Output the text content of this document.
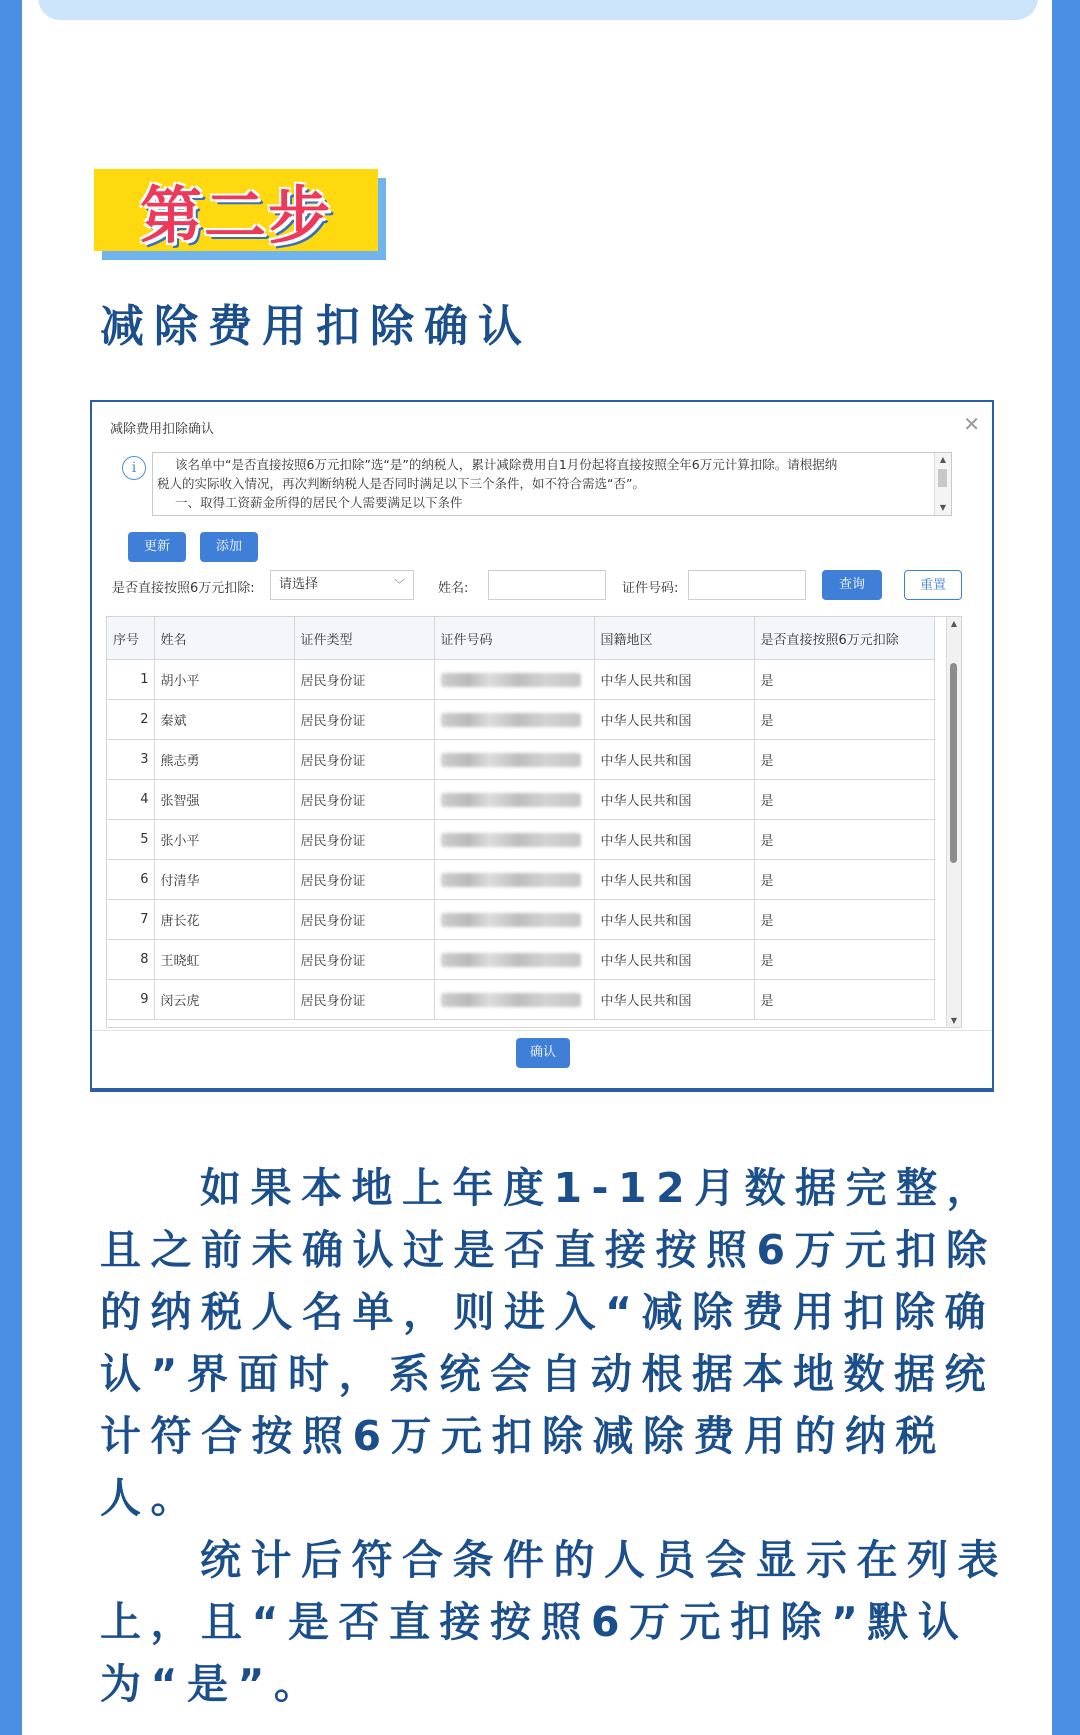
第二步
减除费用扣除确认
减除费用扣除确认	✕
i	该名单中“是否直接按照6万元扣除”选“是”的纳税人，累计减除费用自1月份起将直接按照全年6万元计算扣除。请根据纳

税人的实际收入情况，再次判断纳税人是否同时满足以下三个条件，如不符合需选“否”。

一、取得工资薪金所得的居民个人需要满足以下条件

▲
▼
更新	添加
是否直接按照6万元扣除:	请选择	﹀	姓名:	证件号码:	查询	重置
序号	姓名	证件类型	证件号码	国籍地区	是否直接按照6万元扣除
1	胡小平	居民身份证		中华人民共和国	是
2	秦斌	居民身份证		中华人民共和国	是
3	熊志勇	居民身份证		中华人民共和国	是
4	张智强	居民身份证		中华人民共和国	是
5	张小平	居民身份证		中华人民共和国	是
6	付清华	居民身份证		中华人民共和国	是
7	唐长花	居民身份证		中华人民共和国	是
8	王晓虹	居民身份证		中华人民共和国	是
9	闵云虎	居民身份证		中华人民共和国	是
▲
▼
确认

如果本地上年度1-12月数据完整，且之前未确认过是否直接按照6万元扣除的纳税人名单，则进入“减除费用扣除确认”界面时，系统会自动根据本地数据统计符合按照6万元扣除减除费用的纳税人。

统计后符合条件的人员会显示在列表上，且“是否直接按照6万元扣除”默认为“是”。
